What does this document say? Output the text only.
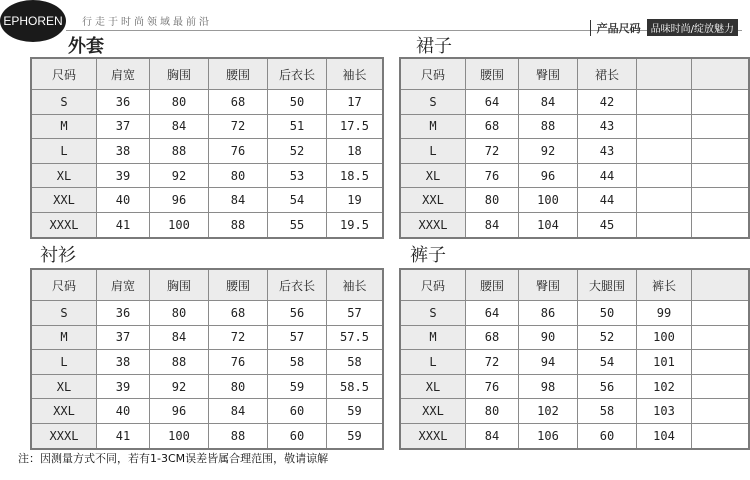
EPHOREN 行走于时尚领域最前沿	产品尺码	品味时尚/绽放魅力
外套
尺码	肩宽	胸围	腰围	后衣长	袖长
S	36	80	68	50	17
M	37	84	72	51	17.5
L	38	88	76	52	18
XL	39	92	80	53	18.5
XXL	40	96	84	54	19
XXXL	41	100	88	55	19.5
裙子
尺码	腰围	臀围	裙长		
S	64	84	42		
M	68	88	43		
L	72	92	43		
XL	76	96	44		
XXL	80	100	44		
XXXL	84	104	45		
衬衫
尺码	肩宽	胸围	腰围	后衣长	袖长
S	36	80	68	56	57
M	37	84	72	57	57.5
L	38	88	76	58	58
XL	39	92	80	59	58.5
XXL	40	96	84	60	59
XXXL	41	100	88	60	59
裤子
尺码	腰围	臀围	大腿围	裤长	
S	64	86	50	99	
M	68	90	52	100	
L	72	94	54	101	
XL	76	98	56	102	
XXL	80	102	58	103	
XXXL	84	106	60	104	
注：因测量方式不同，若有1-3CM误差皆属合理范围，敬请谅解
